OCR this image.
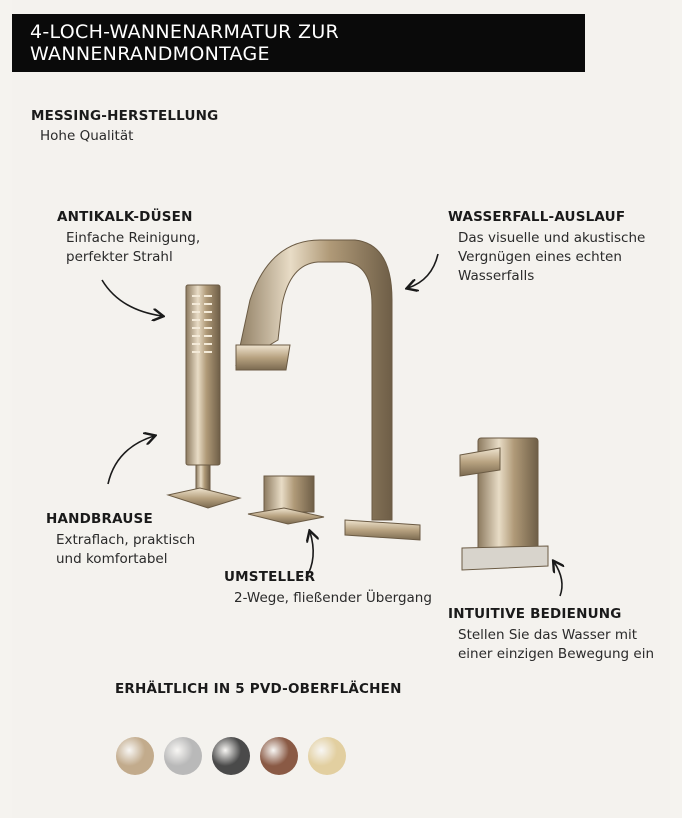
4-LOCH-WANNENARMATUR ZUR WANNENRANDMONTAGE
MESSING-HERSTELLUNG
Hohe Qualität
ANTIKALK-DÜSEN
Einfache Reinigung,
perfekter Strahl
WASSERFALL-AUSLAUF
Das visuelle und akustische
Vergnügen eines echten
Wasserfalls
HANDBRAUSE
Extraflach, praktisch
und komfortabel
UMSTELLER
2-Wege, fließender Übergang
INTUITIVE BEDIENUNG
Stellen Sie das Wasser mit
einer einzigen Bewegung ein
ERHÄLTLICH IN 5 PVD-OBERFLÄCHEN
